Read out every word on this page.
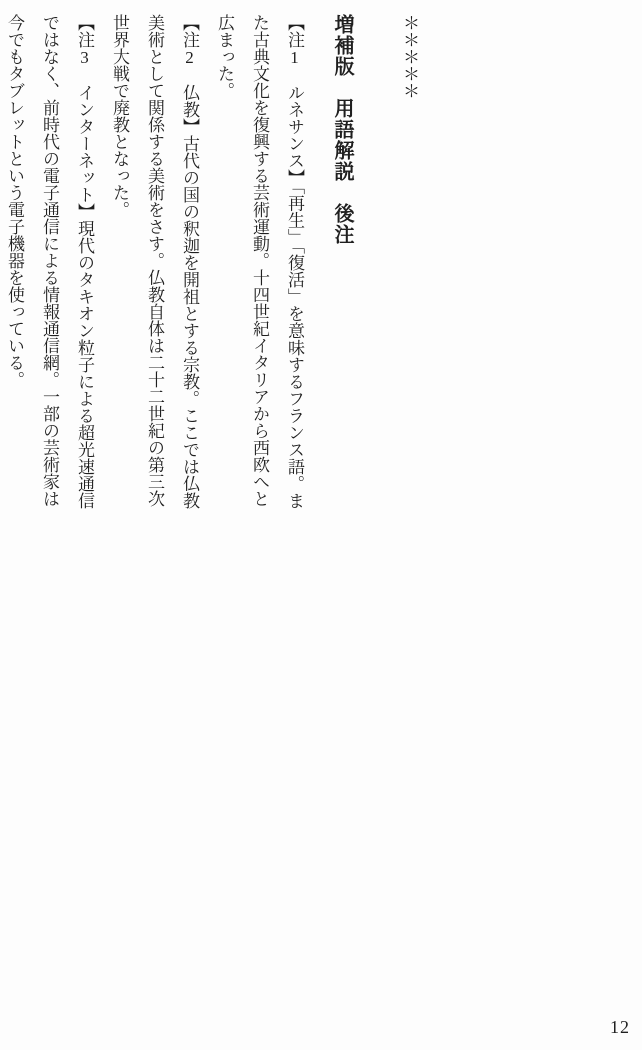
＊＊＊＊＊

増補版　用語解説　後注

【注1　ルネサンス】「再生」「復活」を意味するフランス語。また古典文化を復興する芸術運動。十四世紀イタリアから西欧へと広まった。

【注2　仏教】古代の国の釈迦を開祖とする宗教。ここでは仏教美術として関係する美術をさす。仏教自体は二十二世紀の第三次世界大戦で廃教となった。

【注3　インターネット】現代のタキオン粒子による超光速通信ではなく、前時代の電子通信による情報通信網。一部の芸術家は今でもタブレットという電子機器を使っている。

12
